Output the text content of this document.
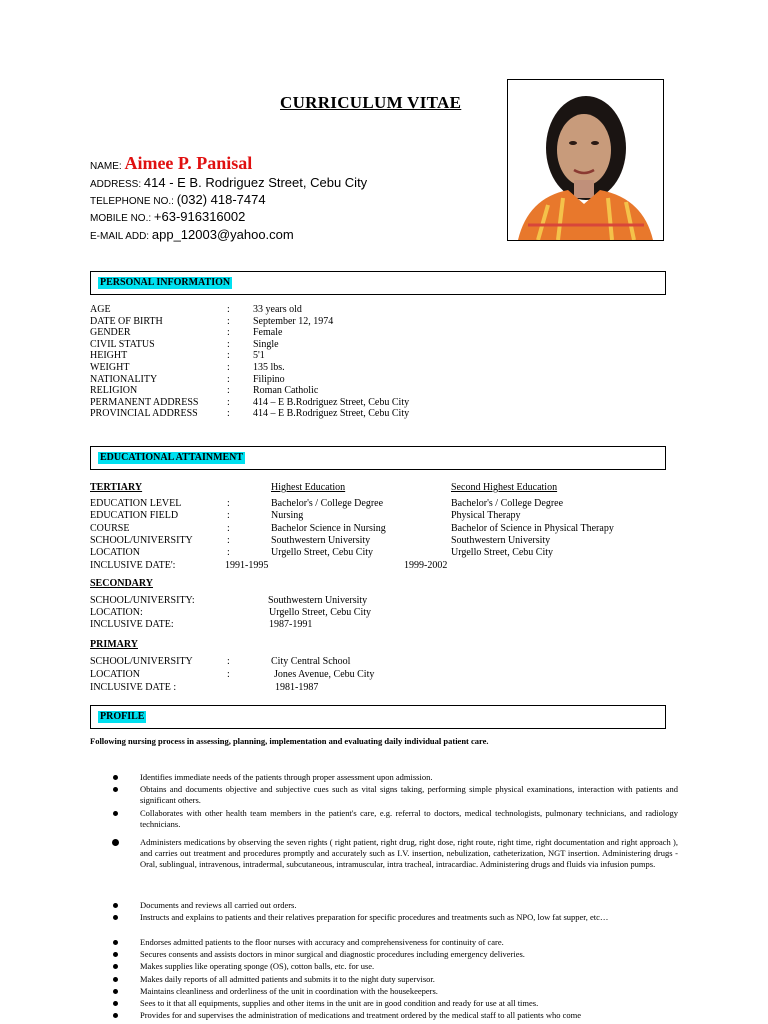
CURRICULUM VITAE
NAME: Aimee P. Panisal
ADDRESS: 414 - E B. Rodriguez Street, Cebu City
TELEPHONE NO.: (032) 418-7474
MOBILE NO.: +63-916316002
E-MAIL ADD: app_12003@yahoo.com
PERSONAL INFORMATION
AGE	: 33 years old
DATE OF BIRTH	: September 12, 1974
GENDER	: Female
CIVIL STATUS	: Single
HEIGHT	: 5'1
WEIGHT	: 135 lbs.
NATIONALITY	: Filipino
RELIGION	: Roman Catholic
PERMANENT ADDRESS	: 414 – E B.Rodriguez Street, Cebu City
PROVINCIAL ADDRESS	: 414 – E B.Rodriguez Street, Cebu City
EDUCATIONAL ATTAINMENT
TERTIARY	Highest Education	Second Highest Education
EDUCATION LEVEL	:	Bachelor's / College Degree	Bachelor's / College Degree
EDUCATION FIELD	:	Nursing	Physical Therapy
COURSE	:	Bachelor Science in Nursing	Bachelor of Science in Physical Therapy
SCHOOL/UNIVERSITY	:	Southwestern University	Southwestern University
LOCATION	:	Urgello Street, Cebu City	Urgello Street, Cebu City
INCLUSIVE DATE':	1991-1995	1999-2002
SECONDARY
SCHOOL/UNIVERSITY:	Southwestern University
LOCATION:	Urgello Street, Cebu City
INCLUSIVE DATE:	1987-1991
PRIMARY
SCHOOL/UNIVERSITY	:	City Central School
LOCATION	:	Jones Avenue, Cebu City
INCLUSIVE DATE :	1981-1987
PROFILE
Following nursing process in assessing, planning, implementation and evaluating daily individual patient care.
Identifies immediate needs of the patients through proper assessment upon admission.
Obtains and documents objective and subjective cues such as vital signs taking, performing simple physical examinations, interaction with patients and significant others.
Collaborates with other health team members in the patient's care, e.g. referral to doctors, medical technologists, pulmonary technicians, and radiology technicians.
Administers medications by observing the seven rights ( right patient, right drug, right dose, right route, right time, right documentation and right approach ), and carries out treatment and procedures promptly and accurately such as I.V. insertion, nebulization, catheterization, NGT insertion. Administering drugs - Oral, sublingual, intravenous, intradermal, subcutaneous, intramuscular, intra tracheal, intracardiac. Administering drugs and fluids via infusion pumps.
Documents and reviews all carried out orders.
Instructs and explains to patients and their relatives preparation for specific procedures and treatments such as NPO, low fat supper, etc…
Endorses admitted patients to the floor nurses with accuracy and comprehensiveness for continuity of care.
Secures consents and assists doctors in minor surgical and diagnostic procedures including emergency deliveries.
Makes supplies like operating sponge (OS), cotton balls, etc. for use.
Makes daily reports of all admitted patients and submits it to the night duty supervisor.
Maintains cleanliness and orderliness of the unit in coordination with the housekeepers.
Sees to it that all equipments, supplies and other items in the unit are in good condition and ready for use at all times.
Provides for and supervises the administration of medications and treatment ordered by the medical staff to all patients who come
